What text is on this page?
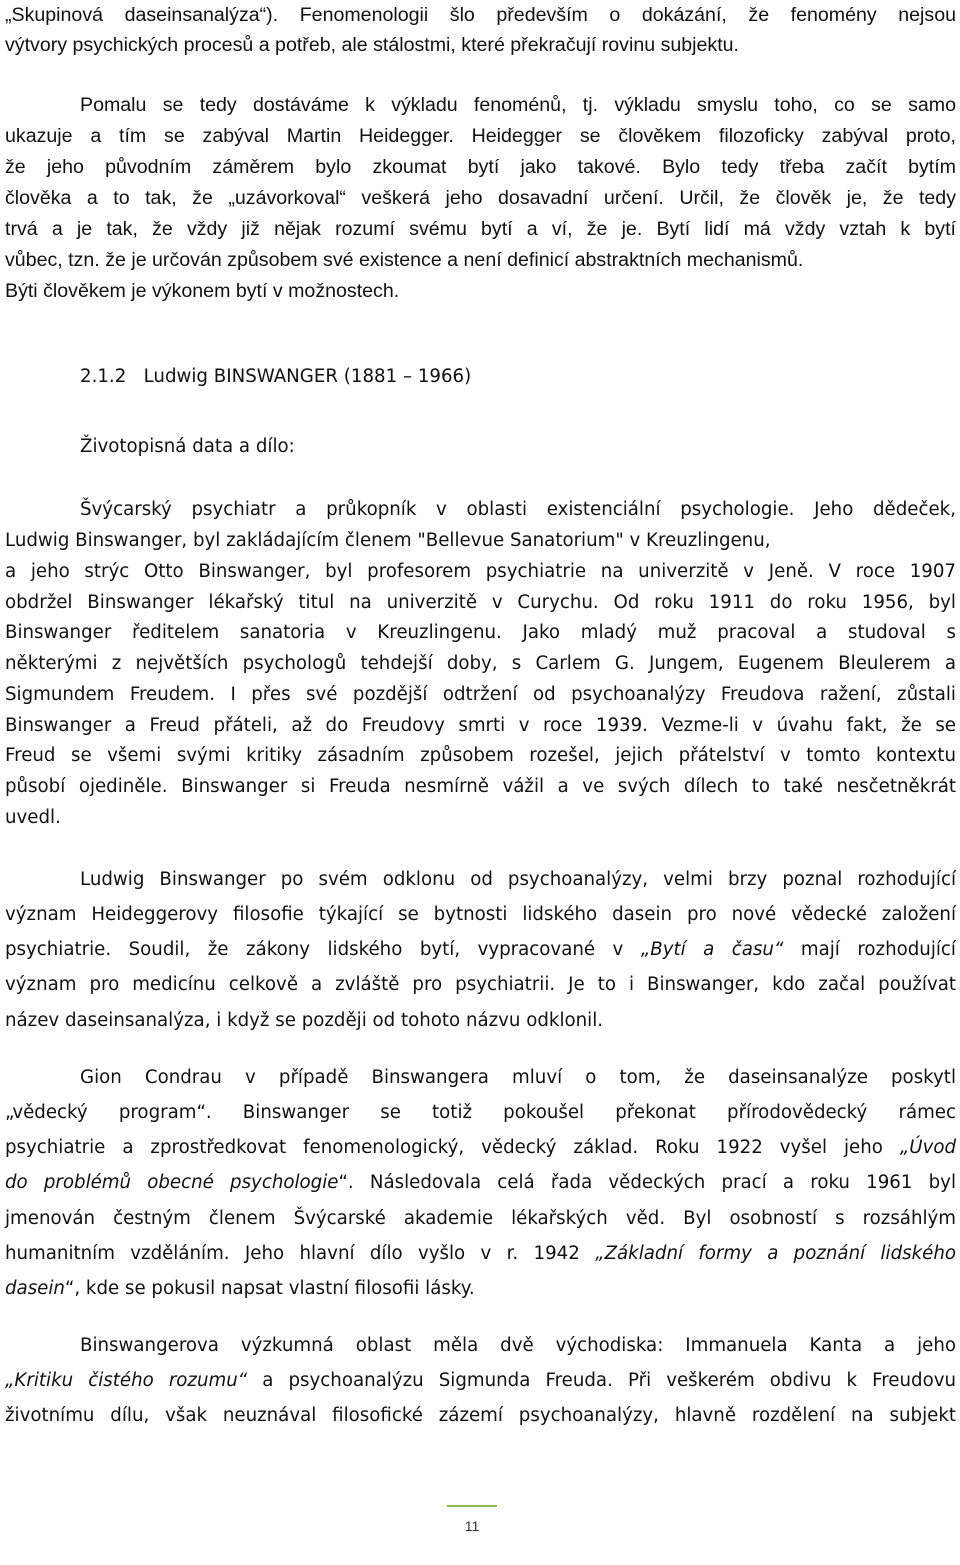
„Skupinová daseinsanalýza“). Fenomenologii šlo především o dokázání, že fenomény nejsou
výtvory psychických procesů a potřeb, ale stálostmi, které překračují rovinu subjektu.
Pomalu se tedy dostáváme k výkladu fenoménů, tj. výkladu smyslu toho, co se samo
ukazuje a tím se zabýval Martin Heidegger. Heidegger se člověkem filozoficky zabýval proto,
že jeho původním záměrem bylo zkoumat bytí jako takové. Bylo tedy třeba začít bytím
člověka a to tak, že „uzávorkoval“ veškerá jeho dosavadní určení. Určil, že člověk je, že tedy
trvá a je tak, že vždy již nějak rozumí svému bytí a ví, že je. Bytí lidí má vždy vztah k bytí
vůbec, tzn. že je určován způsobem své existence a není definicí abstraktních mechanismů.
Býti člověkem je výkonem bytí v možnostech.
2.1.2   Ludwig BINSWANGER (1881 – 1966)
Životopisná data a dílo:
Švýcarský psychiatr a průkopník v oblasti existenciální psychologie. Jeho dědeček,
Ludwig Binswanger, byl zakládajícím členem "Bellevue Sanatorium" v Kreuzlingenu,
a jeho strýc Otto Binswanger, byl profesorem psychiatrie na univerzitě v Jeně. V roce 1907
obdržel Binswanger lékařský titul na univerzitě v Curychu. Od roku 1911 do roku 1956, byl
Binswanger ředitelem sanatoria v Kreuzlingenu. Jako mladý muž pracoval a studoval s
některými z největších psychologů tehdejší doby, s Carlem G. Jungem, Eugenem Bleulerem a
Sigmundem Freudem. I přes své pozdější odtržení od psychoanalýzy Freudova ražení, zůstali
Binswanger a Freud přáteli, až do Freudovy smrti v roce 1939. Vezme-li v úvahu fakt, že se
Freud se všemi svými kritiky zásadním způsobem rozešel, jejich přátelství v tomto kontextu
působí ojediněle. Binswanger si Freuda nesmírně vážil a ve svých dílech to také nesčetněkrát
uvedl.
Ludwig Binswanger po svém odklonu od psychoanalýzy, velmi brzy poznal rozhodující
význam Heideggerovy filosofie týkající se bytnosti lidského dasein pro nové vědecké založení
psychiatrie. Soudil, že zákony lidského bytí, vypracované v „Bytí a času“ mají rozhodující
význam pro medicínu celkově a zvláště pro psychiatrii. Je to i Binswanger, kdo začal používat
název daseinsanalýza, i když se později od tohoto názvu odklonil.
Gion Condrau v případě Binswangera mluví o tom, že daseinsanalýze poskytl
„vědecký program“. Binswanger se totiž pokoušel překonat přírodovědecký rámec
psychiatrie a zprostředkovat fenomenologický, vědecký základ. Roku 1922 vyšel jeho „Úvod
do problémů obecné psychologie“. Následovala celá řada vědeckých prací a roku 1961 byl
jmenován čestným členem Švýcarské akademie lékařských věd. Byl osobností s rozsáhlým
humanitním vzděláním. Jeho hlavní dílo vyšlo v r. 1942 „Základní formy a poznání lidského
dasein“, kde se pokusil napsat vlastní filosofii lásky.
Binswangerova výzkumná oblast měla dvě východiska: Immanuela Kanta a jeho
„Kritiku čistého rozumu“ a psychoanalýzu Sigmunda Freuda. Při veškerém obdivu k Freudovu
životnímu dílu, však neuznával filosofické zázemí psychoanalýzy, hlavně rozdělení na subjekt
11
